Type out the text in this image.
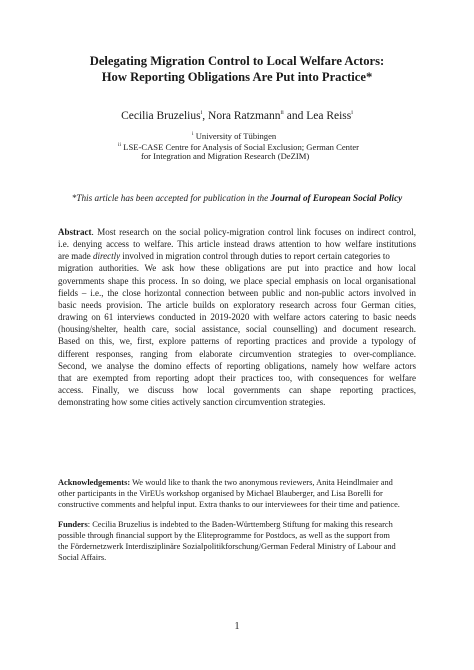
Delegating Migration Control to Local Welfare Actors:
How Reporting Obligations Are Put into Practice*
Cecilia Bruzelius$^i$, Nora Ratzmann$^{ii}$ and Lea Reiss$^i$
$^i$ University of Tübingen
$^{ii}$ LSE-CASE Centre for Analysis of Social Exclusion; German Center
for Integration and Migration Research (DeZIM)
*This article has been accepted for publication in the Journal of European Social Policy
Abstract. Most research on the social policy-migration control link focuses on indirect control,
i.e. denying access to welfare. This article instead draws attention to how welfare institutions
are made directly involved in migration control through duties to report certain categories to
migration authorities. We ask how these obligations are put into practice and how local
governments shape this process. In so doing, we place special emphasis on local organisational
fields – i.e., the close horizontal connection between public and non-public actors involved in
basic needs provision. The article builds on exploratory research across four German cities,
drawing on 61 interviews conducted in 2019-2020 with welfare actors catering to basic needs
(housing/shelter, health care, social assistance, social counselling) and document research.
Based on this, we, first, explore patterns of reporting practices and provide a typology of
different responses, ranging from elaborate circumvention strategies to over-compliance.
Second, we analyse the domino effects of reporting obligations, namely how welfare actors
that are exempted from reporting adopt their practices too, with consequences for welfare
access. Finally, we discuss how local governments can shape reporting practices,
demonstrating how some cities actively sanction circumvention strategies.
Acknowledgements: We would like to thank the two anonymous reviewers, Anita Heindlmaier and
other participants in the VirEUs workshop organised by Michael Blauberger, and Lisa Borelli for
constructive comments and helpful input. Extra thanks to our interviewees for their time and patience.
Funders: Cecilia Bruzelius is indebted to the Baden-Württemberg Stiftung for making this research
possible through financial support by the Eliteprogramme for Postdocs, as well as the support from
the Fördernetzwerk Interdisziplinäre Sozialpolitikforschung/German Federal Ministry of Labour and
Social Affairs.
1
